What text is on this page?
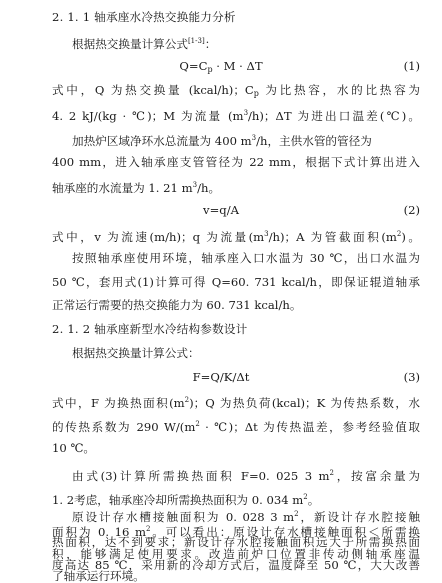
2. 1. 1 轴承座水冷热交换能力分析
根据热交换量计算公式[1-3]：
$Q=C_p \cdot M \cdot \Delta T$	(1)
式中，Q 为热交换量 (kcal/h)；$C_p$ 为比热容，水的比热容为
4. 2 kJ/(kg · ℃)；M 为流量 $(m^3/h)$；ΔT 为进出口温差(℃)。
加热炉区域净环水总流量为 400 $m^3/h$，主供水管的管径为
400 mm，进入轴承座支管管径为 22 mm，根据下式计算出进入
轴承座的水流量为 1. 21 $m^3/h$。
v=q/A	(2)
式中，v 为流速(m/h)；q 为流量$(m^3/h)$；A 为管截面积$(m^2)$。
按照轴承座使用环境，轴承座入口水温为 30 ℃，出口水温为
50 ℃，套用式(1)计算可得 Q=60. 731 kcal/h，即保证辊道轴承
正常运行需要的热交换能力为 60. 731 kcal/h。
2. 1. 2 轴承座新型水冷结构参数设计
根据热交换量计算公式：
F=Q/K/Δt	(3)
式中，F 为换热面积$(m^2)$；Q 为热负荷(kcal)；K 为传热系数，水
的传热系数为 290 $W/(m^2$ · ℃)；Δt 为传热温差，参考经验值取
10 ℃。
由式(3)计算所需换热面积 F=0. 025 3 $m^2$，按富余量为
1. 2考虑，轴承座冷却所需换热面积为 0. 034 $m^2$。
原设计存水槽接触面积为 0. 028 3 $m^2$，新设计存水腔接触
面积为 0. 16 $m^2$。可以看出：原设计存水槽接触面积＜所需换
热面积，达不到要求；新设计存水腔接触面积远大于所需换热面
积，能够满足使用要求。改造前炉口位置非传动侧轴承座温
度高达 85 ℃，采用新的冷却方式后，温度降至 50 ℃，大大改善
了轴承运行环境。
